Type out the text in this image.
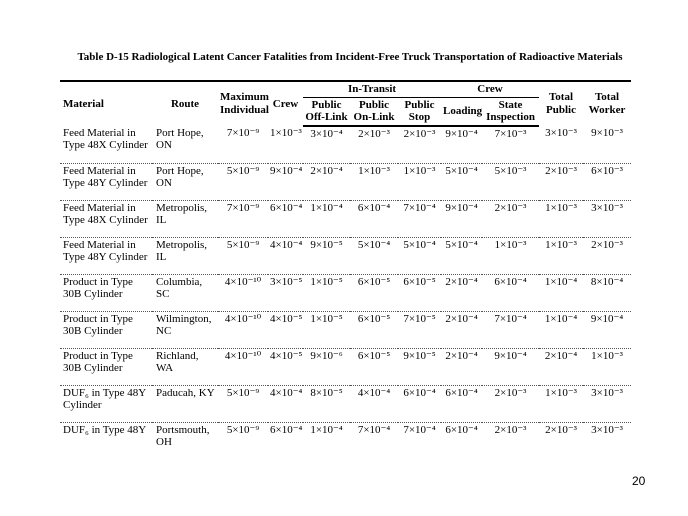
Table D-15 Radiological Latent Cancer Fatalities from Incident-Free Truck Transportation of Radioactive Materials
Material	Route	Maximum Individual	Crew	In-Transit			Crew		Total Public	Total Worker
				Public Off-Link	Public On-Link	Public Stop	Loading	State Inspection		
Feed Material in Type 48X Cylinder	Port Hope, ON	7×10⁻⁹	1×10⁻³	3×10⁻⁴	2×10⁻³	2×10⁻³	9×10⁻⁴	7×10⁻³	3×10⁻³	9×10⁻³
Feed Material in Type 48Y Cylinder	Port Hope, ON	5×10⁻⁹	9×10⁻⁴	2×10⁻⁴	1×10⁻³	1×10⁻³	5×10⁻⁴	5×10⁻³	2×10⁻³	6×10⁻³
Feed Material in Type 48X Cylinder	Metropolis, IL	7×10⁻⁹	6×10⁻⁴	1×10⁻⁴	6×10⁻⁴	7×10⁻⁴	9×10⁻⁴	2×10⁻³	1×10⁻³	3×10⁻³
Feed Material in Type 48Y Cylinder	Metropolis, IL	5×10⁻⁹	4×10⁻⁴	9×10⁻⁵	5×10⁻⁴	5×10⁻⁴	5×10⁻⁴	1×10⁻³	1×10⁻³	2×10⁻³
Product in Type 30B Cylinder	Columbia, SC	4×10⁻¹⁰	3×10⁻⁵	1×10⁻⁵	6×10⁻⁵	6×10⁻⁵	2×10⁻⁴	6×10⁻⁴	1×10⁻⁴	8×10⁻⁴
Product in Type 30B Cylinder	Wilmington, NC	4×10⁻¹⁰	4×10⁻⁵	1×10⁻⁵	6×10⁻⁵	7×10⁻⁵	2×10⁻⁴	7×10⁻⁴	1×10⁻⁴	9×10⁻⁴
Product in Type 30B Cylinder	Richland, WA	4×10⁻¹⁰	4×10⁻⁵	9×10⁻⁶	6×10⁻⁵	9×10⁻⁵	2×10⁻⁴	9×10⁻⁴	2×10⁻⁴	1×10⁻³
DUF₆ in Type 48Y Cylinder	Paducah, KY	5×10⁻⁹	4×10⁻⁴	8×10⁻⁵	4×10⁻⁴	6×10⁻⁴	6×10⁻⁴	2×10⁻³	1×10⁻³	3×10⁻³
DUF₆ in Type 48Y	Portsmouth, OH	5×10⁻⁹	6×10⁻⁴	1×10⁻⁴	7×10⁻⁴	7×10⁻⁴	6×10⁻⁴	2×10⁻³	2×10⁻³	3×10⁻³
20
